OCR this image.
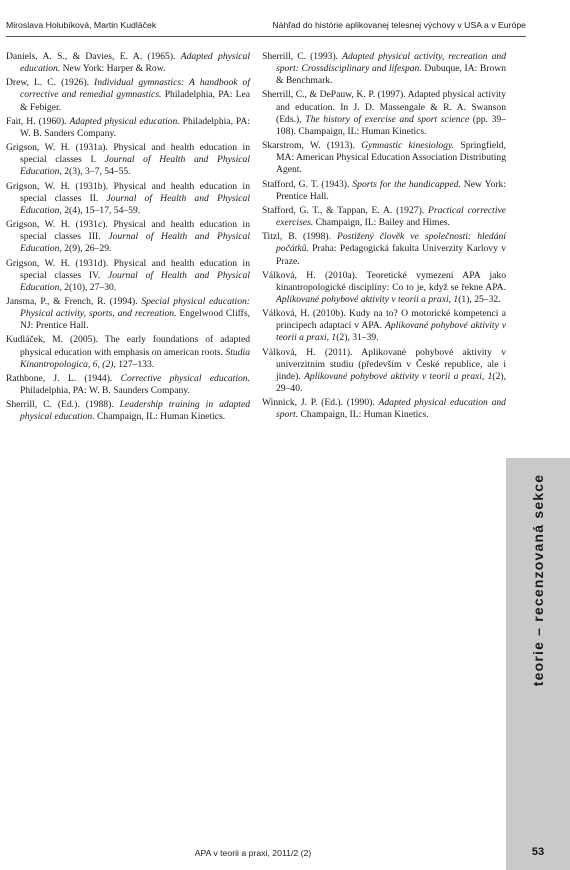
Miroslava Holubíková, Martin Kudláček	Náhľad do histórie aplikovanej telesnej výchovy v USA a v Európe

Daniels, A. S., & Davies, E. A. (1965). Adapted physical education. New York: Harper & Row.

Drew, L. C. (1926). Individual gymnastics: A handbook of corrective and remedial gymnastics. Philadelphia, PA: Lea & Febiger.

Fait, H. (1960). Adapted physical education. Philadelphia, PA: W. B. Sanders Company.

Grigson, W. H. (1931a). Physical and health education in special classes I. Journal of Health and Physical Education, 2(3), 3–7, 54–55.

Grigson, W. H. (1931b). Physical and health education in special classes II. Journal of Health and Physical Education, 2(4), 15–17, 54–59.

Grigson, W. H. (1931c). Physical and health education in special classes III. Journal of Health and Physical Education, 2(9), 26–29.

Grigson, W. H. (1931d). Physical and health education in special classes IV. Journal of Health and Physical Education, 2(10), 27–30.

Jansma, P., & French, R. (1994). Special physical education: Physical activity, sports, and recreation. Engelwood Cliffs, NJ: Prentice Hall.

Kudláček, M. (2005). The early foundations of adapted physical education with emphasis on american roots. Studia Kinantropologica, 6, (2), 127–133.

Rathbone, J. L. (1944). Corrective physical education. Philadelphia, PA: W. B. Saunders Company.

Sherrill, C. (Ed.). (1988). Leadership training in adapted physical education. Champaign, IL: Human Kinetics.

Sherrill, C. (1993). Adapted physical activity, recreation and sport: Crossdisciplinary and lifespan. Dubuque, IA: Brown & Benchmark.

Sherrill, C., & DePauw, K. P. (1997). Adapted physical activity and education. In J. D. Massengale & R. A. Swanson (Eds.), The history of exercise and sport science (pp. 39–108). Champaign, IL: Human Kinetics.

Skarstrom, W. (1913). Gymnastic kinesiology. Springfield, MA: American Physical Education Association Distributing Agent.

Stafford, G. T. (1943). Sports for the handicapped. New York: Prentice Hall.

Stafford, G. T., & Tappan, E. A. (1927). Practical corrective exercises. Champaign, IL: Bailey and Himes.

Titzl, B. (1998). Postižený člověk ve společnosti: hledání počátků. Praha: Pedagogická fakulta Univerzity Karlovy v Praze.

Válková, H. (2010a). Teoretické vymezení APA jako kinantropologické disciplíny: Co to je, když se řekne APA. Aplikované pohybové aktivity v teorii a praxi, 1(1), 25–32.

Válková, H. (2010b). Kudy na to? O motorické kompetenci a principech adaptací v APA. Aplikované pohybové aktivity v teorii a praxi, 1(2), 31–39.

Válková, H. (2011). Aplikované pohybové aktivity v univerzitním studiu (především v České republice, ale i jinde). Aplikované pohybové aktivity v teorii a praxi, 1(2), 29–40.

Winnick, J. P. (Ed.). (1990). Adapted physical education and sport. Champaign, IL: Human Kinetics.

teorie – recenzovaná sekce
APA v teorii a praxi, 2011/2 (2)	53
